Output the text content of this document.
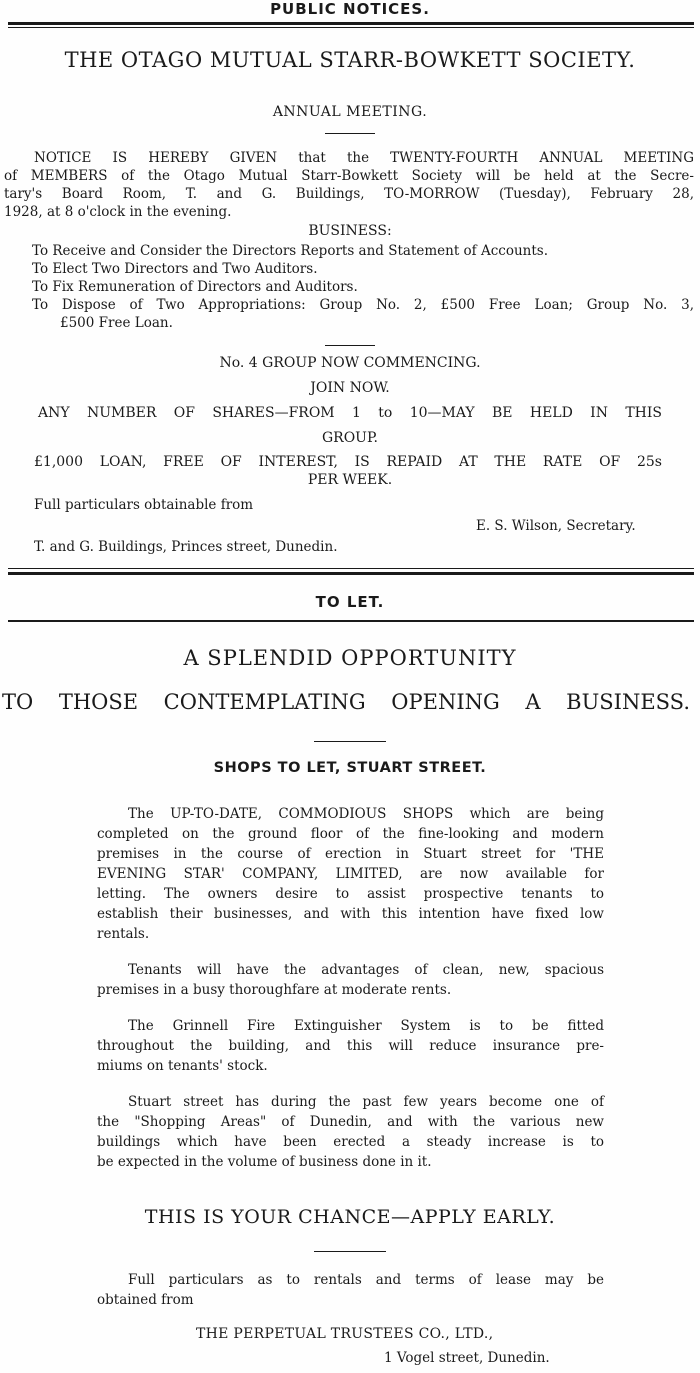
PUBLIC NOTICES.
THE OTAGO MUTUAL STARR-BOWKETT SOCIETY.
ANNUAL MEETING.
NOTICE IS HEREBY GIVEN that the TWENTY-FOURTH ANNUAL MEETING
of MEMBERS of the Otago Mutual Starr-Bowkett Society will be held at the Secre-
tary's Board Room, T. and G. Buildings, TO-MORROW (Tuesday), February 28,
1928, at 8 o'clock in the evening.
BUSINESS:
To Receive and Consider the Directors Reports and Statement of Accounts.
To Elect Two Directors and Two Auditors.
To Fix Remuneration of Directors and Auditors.
To Dispose of Two Appropriations: Group No. 2, £500 Free Loan; Group No. 3,
£500 Free Loan.
No. 4 GROUP NOW COMMENCING.
JOIN NOW.
ANY NUMBER OF SHARES—FROM 1 to 10—MAY BE HELD IN THIS
GROUP.
£1,000 LOAN, FREE OF INTEREST, IS REPAID AT THE RATE OF 25s
PER WEEK.
Full particulars obtainable from
E. S. Wilson, Secretary.
T. and G. Buildings, Princes street, Dunedin.
TO LET.
A SPLENDID OPPORTUNITY
TO THOSE CONTEMPLATING OPENING A BUSINESS.
SHOPS TO LET, STUART STREET.
The UP-TO-DATE, COMMODIOUS SHOPS which are being
completed on the ground floor of the fine-looking and modern
premises in the course of erection in Stuart street for 'THE
EVENING STAR' COMPANY, LIMITED, are now available for
letting. The owners desire to assist prospective tenants to
establish their businesses, and with this intention have fixed low
rentals.
Tenants will have the advantages of clean, new, spacious
premises in a busy thoroughfare at moderate rents.
The Grinnell Fire Extinguisher System is to be fitted
throughout the building, and this will reduce insurance pre-
miums on tenants' stock.
Stuart street has during the past few years become one of
the "Shopping Areas" of Dunedin, and with the various new
buildings which have been erected a steady increase is to
be expected in the volume of business done in it.
THIS IS YOUR CHANCE—APPLY EARLY.
Full particulars as to rentals and terms of lease may be
obtained from
THE PERPETUAL TRUSTEES CO., LTD.,
1 Vogel street, Dunedin.
